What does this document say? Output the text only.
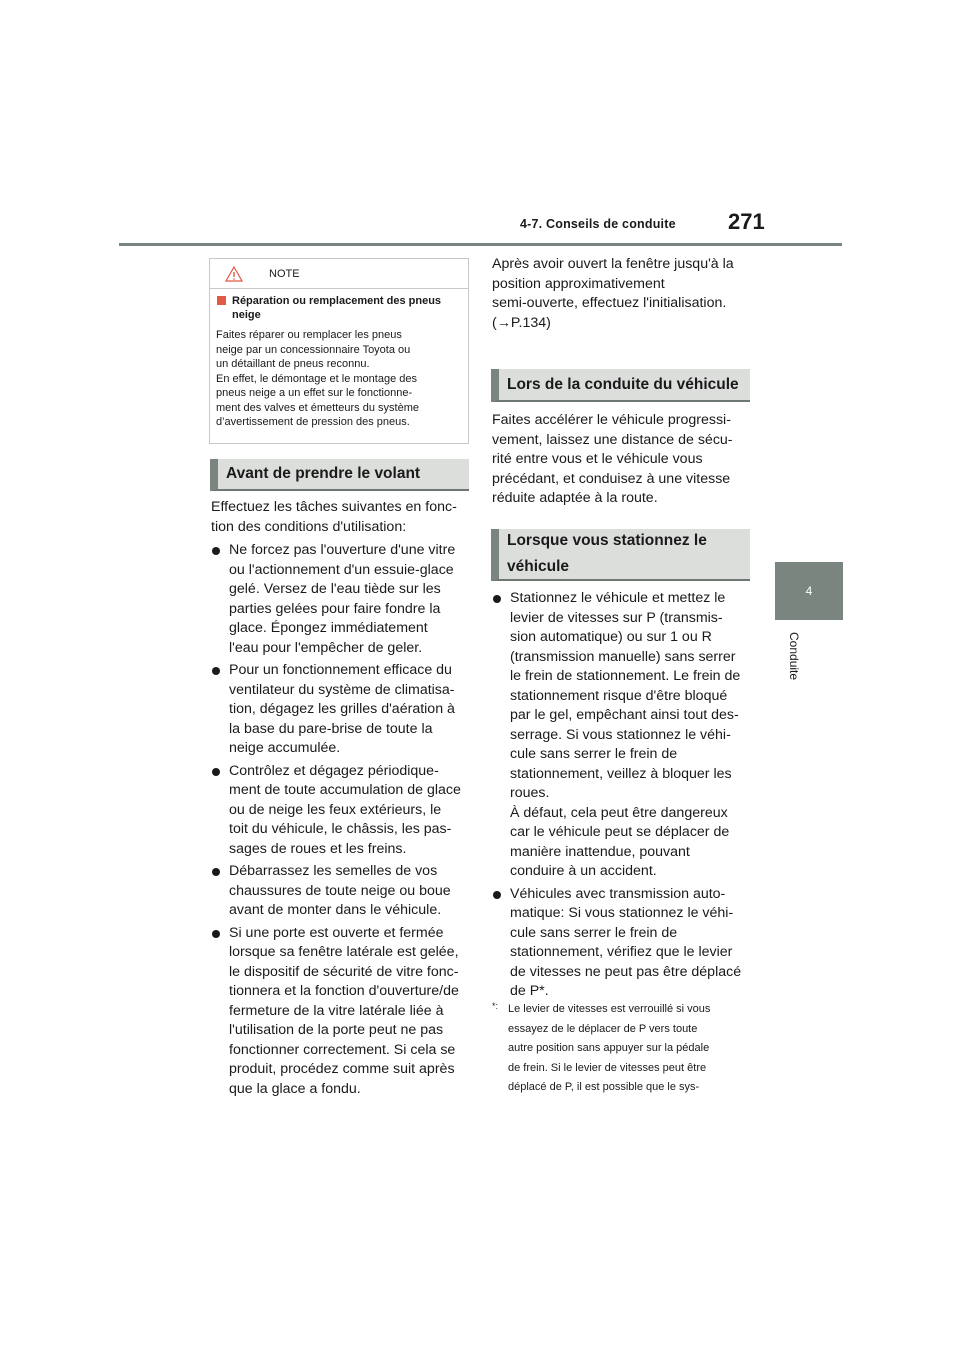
4-7. Conseils de conduite 271
4
Conduite
NOTE
Réparation ou remplacement des pneus neige
Faites réparer ou remplacer les pneus
neige par un concessionnaire Toyota ou
un détaillant de pneus reconnu.
En effet, le démontage et le montage des
pneus neige a un effet sur le fonctionne-
ment des valves et émetteurs du système
d’avertissement de pression des pneus.
Avant de prendre le volant
Effectuez les tâches suivantes en fonc-
tion des conditions d'utilisation:
Ne forcez pas l'ouverture d'une vitre
ou l'actionnement d'un essuie-glace
gelé. Versez de l'eau tiède sur les
parties gelées pour faire fondre la
glace. Épongez immédiatement
l'eau pour l'empêcher de geler.
Pour un fonctionnement efficace du
ventilateur du système de climatisa-
tion, dégagez les grilles d'aération à
la base du pare-brise de toute la
neige accumulée.
Contrôlez et dégagez périodique-
ment de toute accumulation de glace
ou de neige les feux extérieurs, le
toit du véhicule, le châssis, les pas-
sages de roues et les freins.
Débarrassez les semelles de vos
chaussures de toute neige ou boue
avant de monter dans le véhicule.
Si une porte est ouverte et fermée
lorsque sa fenêtre latérale est gelée,
le dispositif de sécurité de vitre fonc-
tionnera et la fonction d'ouverture/de
fermeture de la vitre latérale liée à
l'utilisation de la porte peut ne pas
fonctionner correctement. Si cela se
produit, procédez comme suit après
que la glace a fondu.
Après avoir ouvert la fenêtre jusqu'à la
position approximativement
semi-ouverte, effectuez l'initialisation.
(→P.134)
Lors de la conduite du véhicule
Faites accélérer le véhicule progressi-
vement, laissez une distance de sécu-
rité entre vous et le véhicule vous
précédant, et conduisez à une vitesse
réduite adaptée à la route.
Lorsque vous stationnez le
véhicule
Stationnez le véhicule et mettez le
levier de vitesses sur P (transmis-
sion automatique) ou sur 1 ou R
(transmission manuelle) sans serrer
le frein de stationnement. Le frein de
stationnement risque d'être bloqué
par le gel, empêchant ainsi tout des-
serrage. Si vous stationnez le véhi-
cule sans serrer le frein de
stationnement, veillez à bloquer les
roues.
À défaut, cela peut être dangereux
car le véhicule peut se déplacer de
manière inattendue, pouvant
conduire à un accident.
Véhicules avec transmission auto-
matique: Si vous stationnez le véhi-
cule sans serrer le frein de
stationnement, vérifiez que le levier
de vitesses ne peut pas être déplacé
de P*.
*: Le levier de vitesses est verrouillé si vous
essayez de le déplacer de P vers toute
autre position sans appuyer sur la pédale
de frein. Si le levier de vitesses peut être
déplacé de P, il est possible que le sys-
